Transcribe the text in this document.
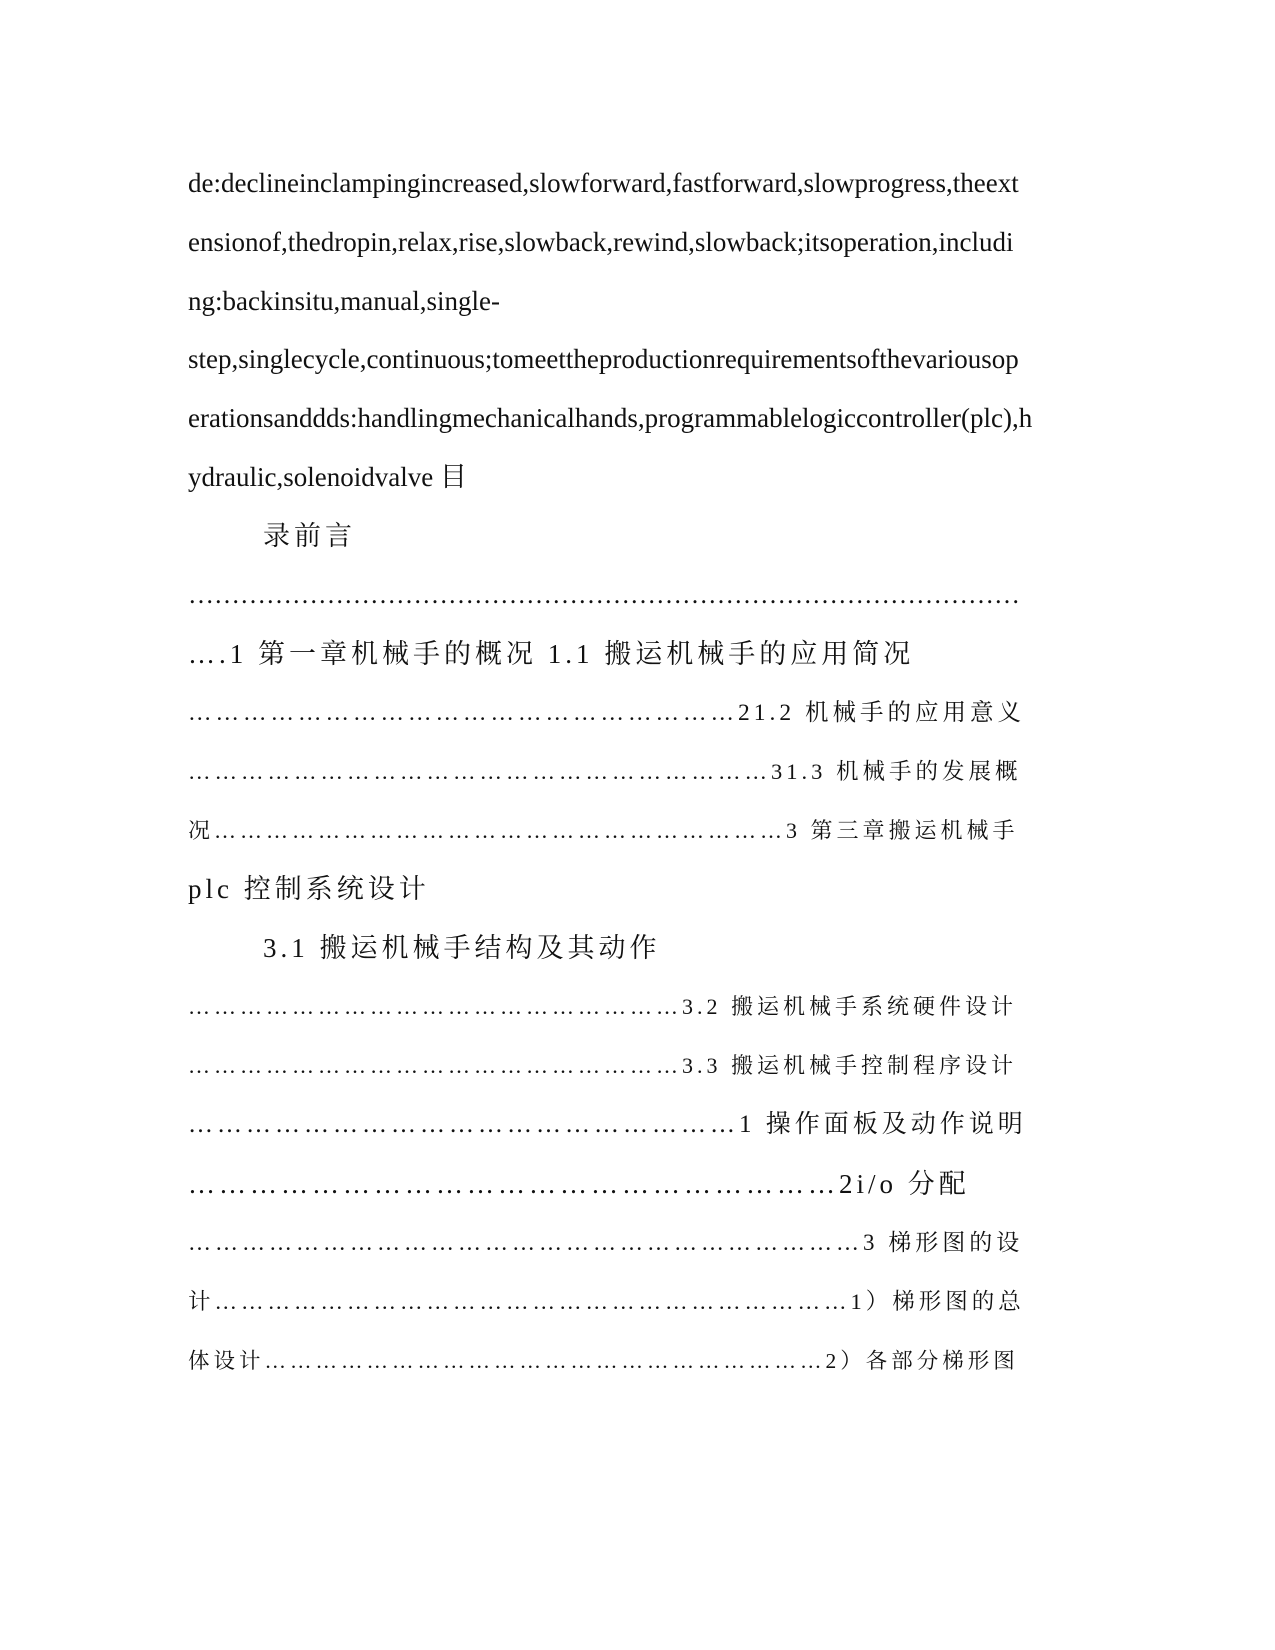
de:declineinclampingincreased,slowforward,fastforward,slowprogress,theext
ensionof,thedropin,relax,rise,slowback,rewind,slowback;itsoperation,includi
ng:backinsitu,manual,single-
step,singlecycle,continuous;tomeettheproductionrequirementsofthevariousop
erationsanddds:handlingmechanicalhands,programmablelogiccontroller(plc),h
ydraulic,solenoidvalve 目
录前言
……………………………………………………………………………………
….1 第一章机械手的概况 1.1 搬运机械手的应用简况
……………………………………………………21.2 机械手的应用意义
…………………………………………………………31.3 机械手的发展概
况…………………………………………………………3 第三章搬运机械手
plc 控制系统设计
3.1 搬运机械手结构及其动作
…………………………………………………3.2 搬运机械手系统硬件设计
…………………………………………………3.3 搬运机械手控制程序设计
…………………………………………………1 操作面板及动作说明
………………………………………………………2i/o 分配
…………………………………………………………………3 梯形图的设
计………………………………………………………………1）梯形图的总
体设计…………………………………………………………2）各部分梯形图
